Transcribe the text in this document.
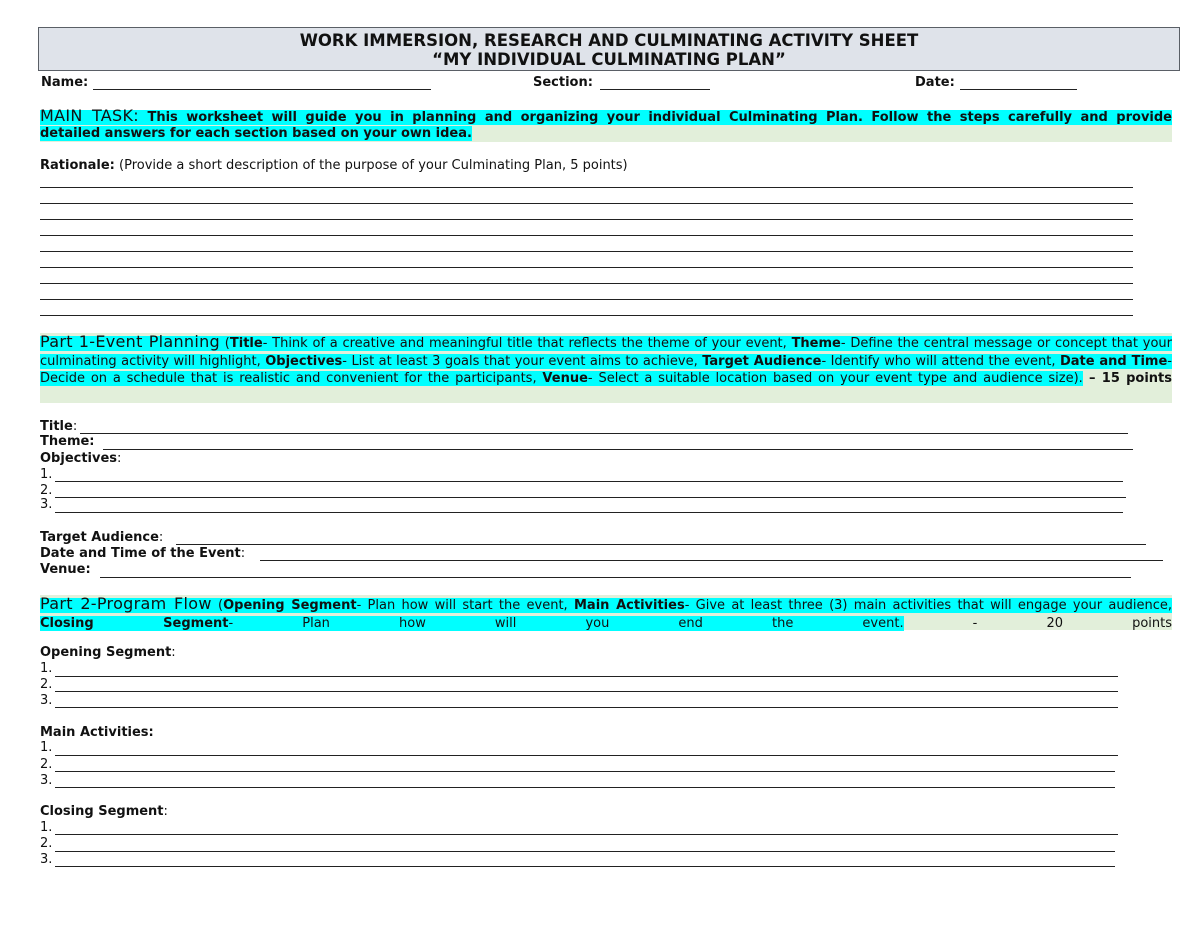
WORK IMMERSION, RESEARCH AND CULMINATING ACTIVITY SHEET
“MY INDIVIDUAL CULMINATING PLAN”
Name:	Section:	Date:
MAIN TASK: This worksheet will guide you in planning and organizing your individual Culminating Plan. Follow the steps carefully and provide
detailed answers for each section based on your own idea.
Rationale: (Provide a short description of the purpose of your Culminating Plan, 5 points)
Part 1-Event Planning (Title- Think of a creative and meaningful title that reflects the theme of your event, Theme- Define the central message or concept that your culminating activity will highlight, Objectives- List at least 3 goals that your event aims to achieve, Target Audience- Identify who will attend the event, Date and Time- Decide on a schedule that is realistic and convenient for the participants, Venue- Select a suitable location based on your event type and audience size). – 15 points
Title:
Theme:
Objectives:
1.
2.
3.
Target Audience:
Date and Time of the Event:
Venue:
Part 2-Program Flow (Opening Segment- Plan how will start the event, Main Activities- Give at least three (3) main activities that will engage your audience, Closing Segment- Plan how will you end the event. - 20 points
Opening Segment:
1.
2.
3.
Main Activities:
1.
2.
3.
Closing Segment:
1.
2.
3.
